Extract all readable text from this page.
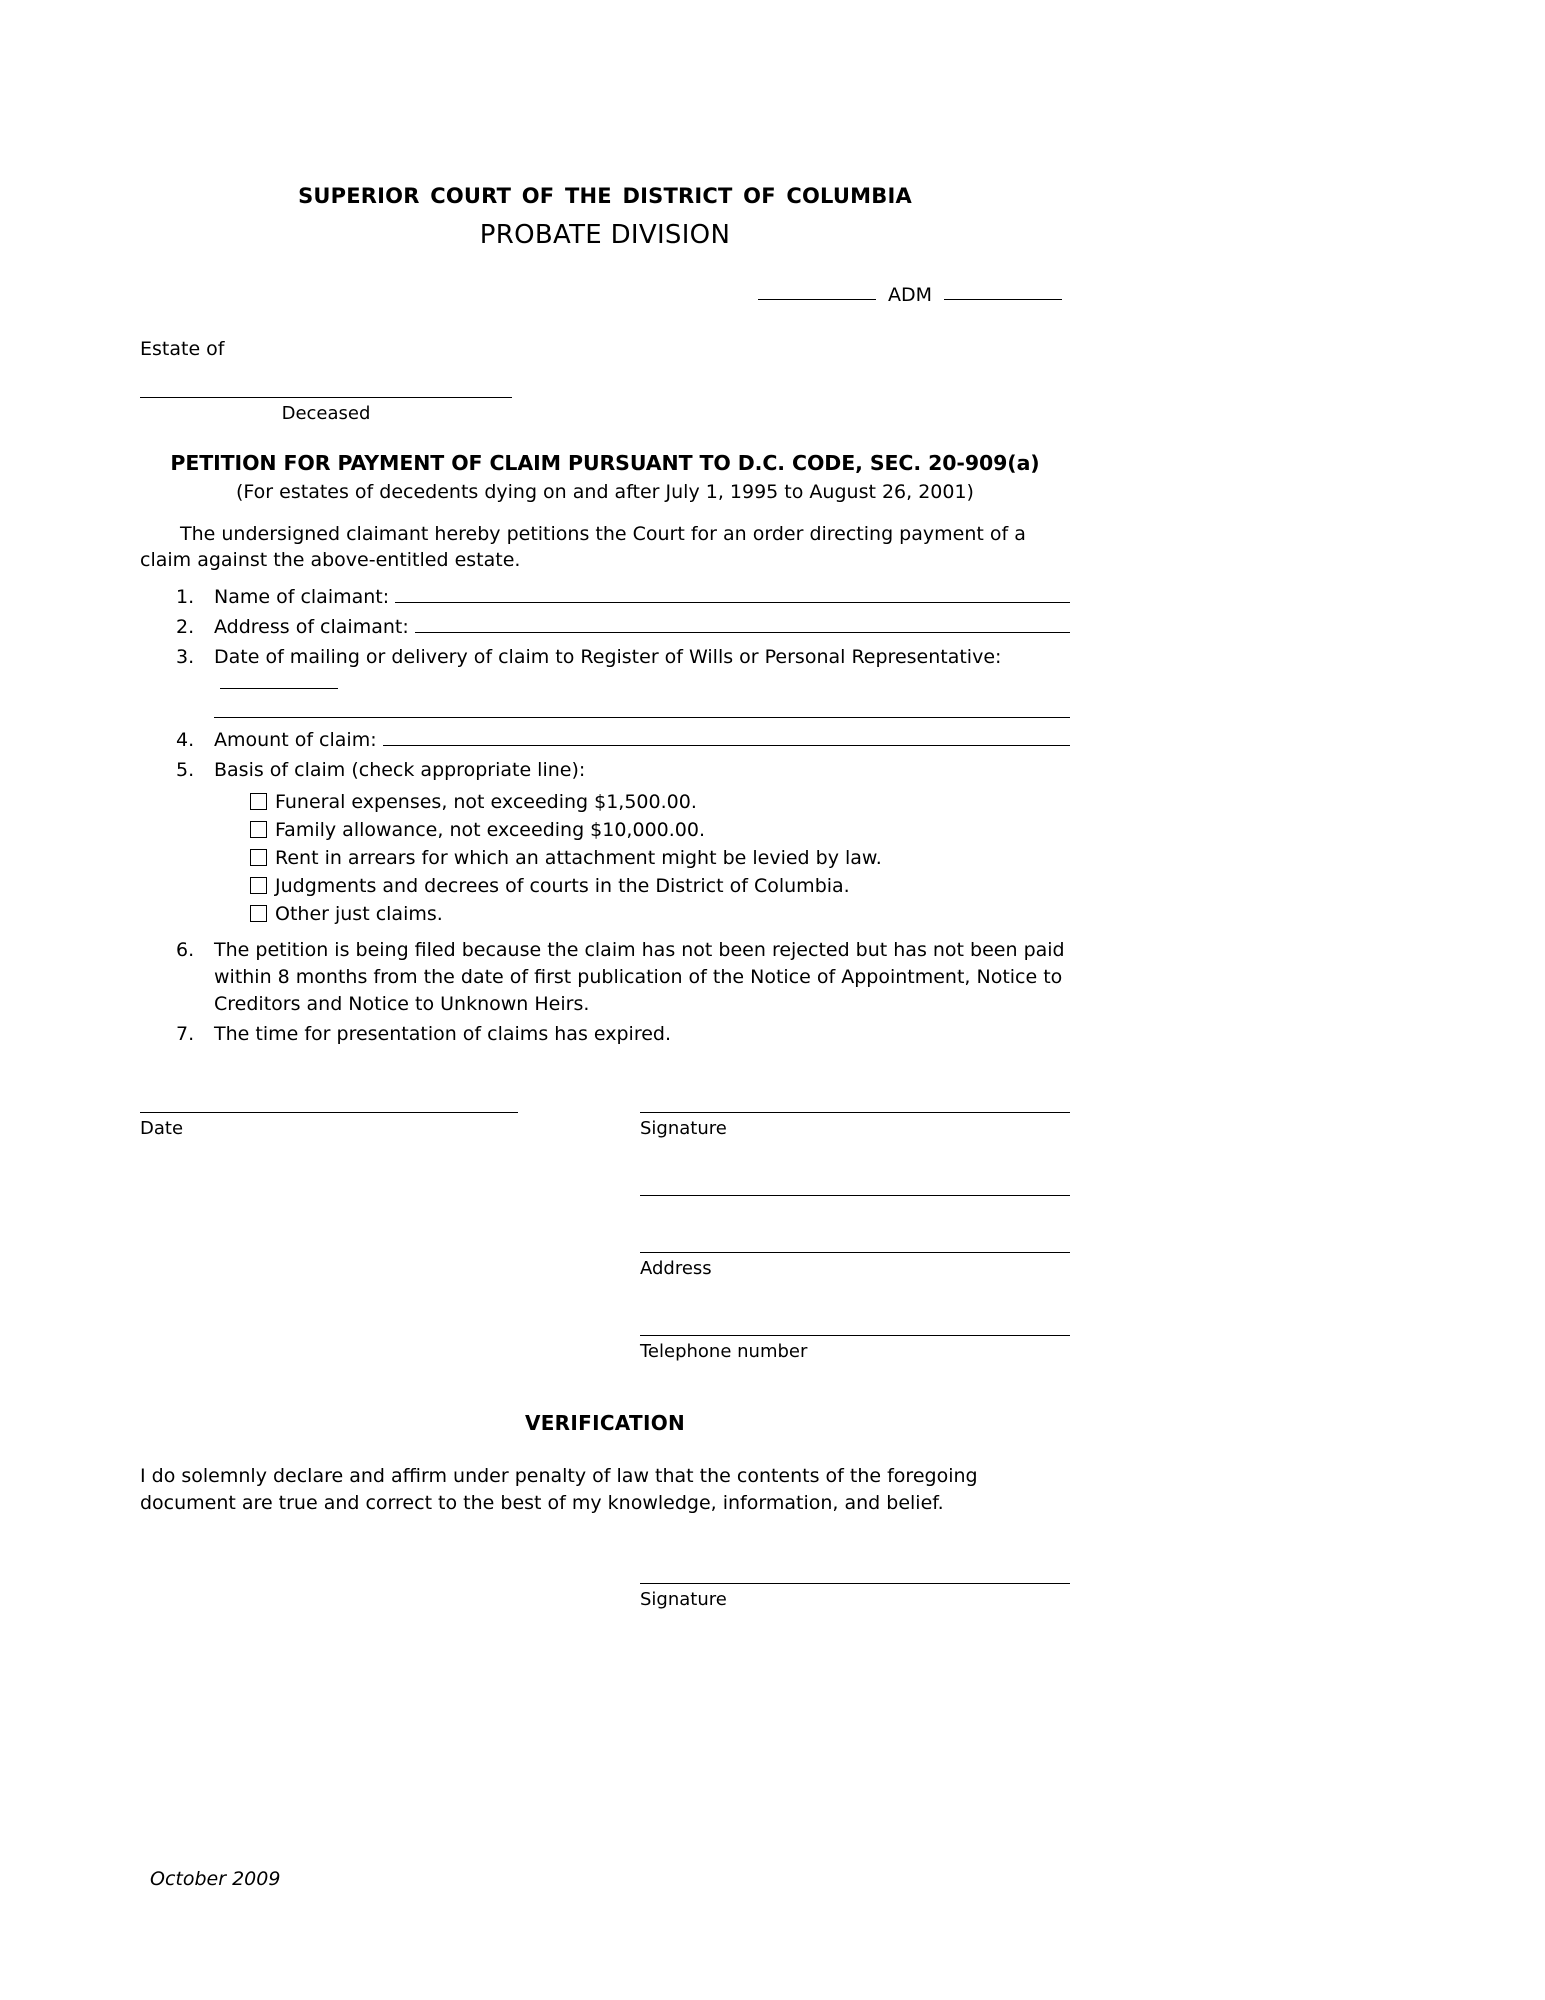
superior court of the district of columbia
PROBATE DIVISION
ADM
Estate of
Deceased
PETITION FOR PAYMENT OF CLAIM PURSUANT TO D.C. CODE, SEC. 20-909(a)
(For estates of decedents dying on and after July 1, 1995 to August 26, 2001)
The undersigned claimant hereby petitions the Court for an order directing payment of a claim against the above-entitled estate.
1.	Name of claimant:
2.	Address of claimant:
3.	Date of mailing or delivery of claim to Register of Wills or Personal Representative:
4.	Amount of claim:
5.	Basis of claim (check appropriate line):
Funeral expenses, not exceeding $1,500.00.
Family allowance, not exceeding $10,000.00.
Rent in arrears for which an attachment might be levied by law.
Judgments and decrees of courts in the District of Columbia.
Other just claims.
6.	The petition is being filed because the claim has not been rejected but has not been paid within 8 months from the date of first publication of the Notice of Appointment, Notice to Creditors and Notice to Unknown Heirs.
7.	The time for presentation of claims has expired.
Date	Signature
Address
Telephone number
VERIFICATION
I do solemnly declare and affirm under penalty of law that the contents of the foregoing document are true and correct to the best of my knowledge, information, and belief.
Signature
October 2009
